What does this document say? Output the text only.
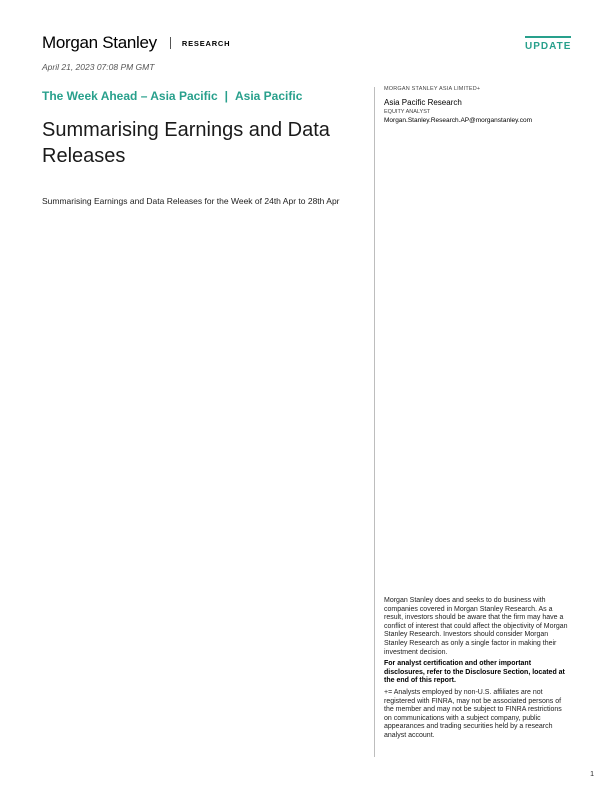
Morgan Stanley	RESEARCH	UPDATE
April 21, 2023 07:08 PM GMT
The Week Ahead – Asia Pacific | Asia Pacific
Summarising Earnings and Data Releases
Summarising Earnings and Data Releases for the Week of 24th Apr to 28th Apr
MORGAN STANLEY ASIA LIMITED+
Asia Pacific Research
EQUITY ANALYST
Morgan.Stanley.Research.AP@morganstanley.com

Morgan Stanley does and seeks to do business with companies covered in Morgan Stanley Research. As a result, investors should be aware that the firm may have a conflict of interest that could affect the objectivity of Morgan Stanley Research. Investors should consider Morgan Stanley Research as only a single factor in making their investment decision.

For analyst certification and other important disclosures, refer to the Disclosure Section, located at the end of this report.

+= Analysts employed by non-U.S. affiliates are not registered with FINRA, may not be associated persons of the member and may not be subject to FINRA restrictions on communications with a subject company, public appearances and trading securities held by a research analyst account.

1
